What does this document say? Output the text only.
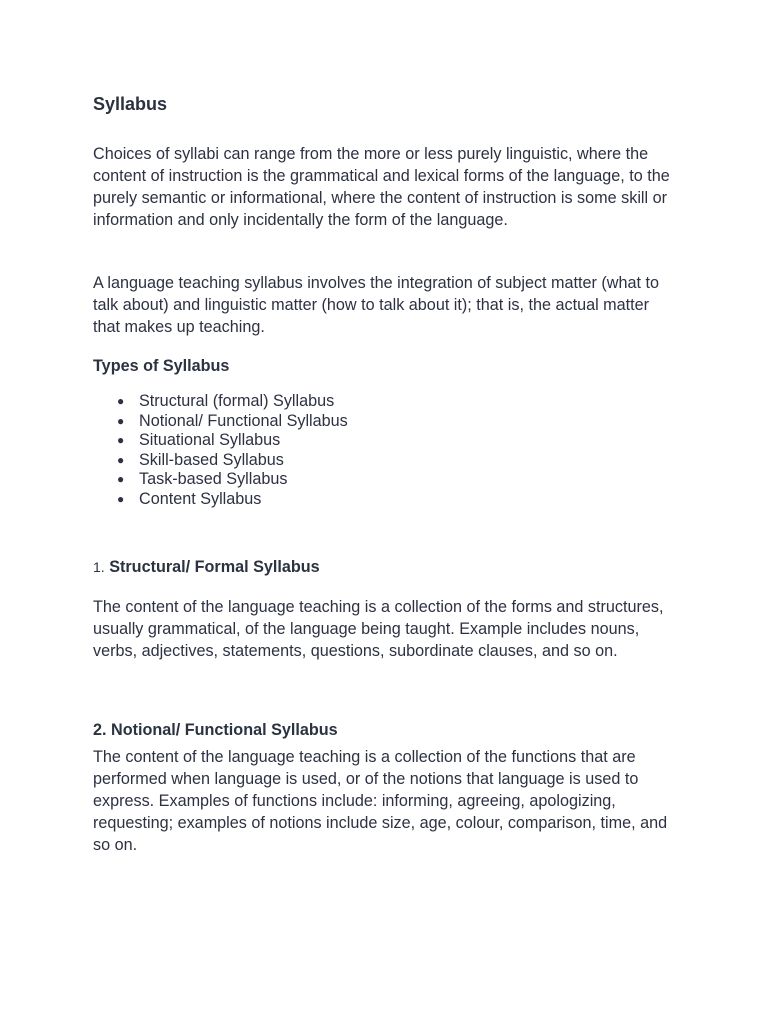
Syllabus

Choices of syllabi can range from the more or less purely linguistic, where the content of instruction is the grammatical and lexical forms of the language, to the purely semantic or informational, where the content of instruction is some skill or information and only incidentally the form of the language.

A language teaching syllabus involves the integration of subject matter (what to talk about) and linguistic matter (how to talk about it); that is, the actual matter that makes up teaching.

Types of Syllabus
● Structural (formal) Syllabus
● Notional/ Functional Syllabus
● Situational Syllabus
● Skill-based Syllabus
● Task-based Syllabus
● Content Syllabus
1. Structural/ Formal Syllabus

The content of the language teaching is a collection of the forms and structures, usually grammatical, of the language being taught. Example includes nouns, verbs, adjectives, statements, questions, subordinate clauses, and so on.

2. Notional/ Functional Syllabus

The content of the language teaching is a collection of the functions that are performed when language is used, or of the notions that language is used to express. Examples of functions include: informing, agreeing, apologizing, requesting; examples of notions include size, age, colour, comparison, time, and so on.
